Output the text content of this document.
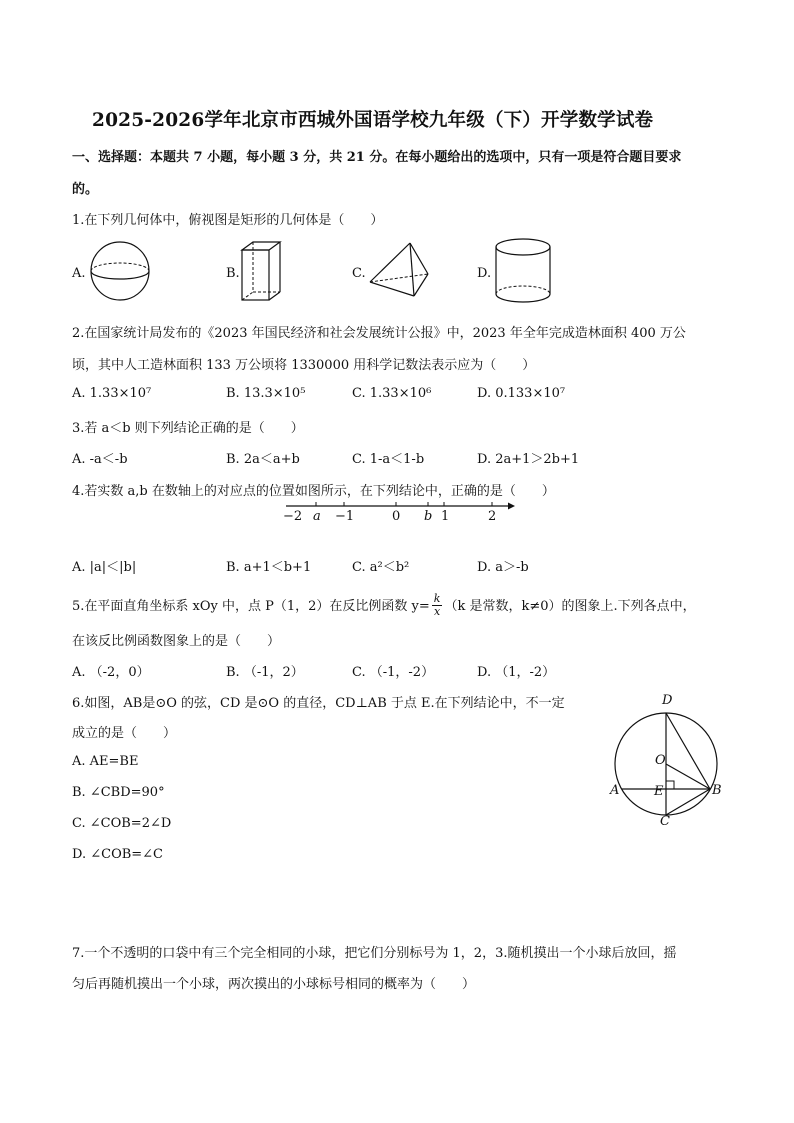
2025-2026学年北京市西城外国语学校九年级（下）开学数学试卷
一、选择题：本题共 7 小题，每小题 3 分，共 21 分。在每小题给出的选项中，只有一项是符合题目要求
的。
1.在下列几何体中，俯视图是矩形的几何体是（　　）
A.	B.	C.	D.
2.在国家统计局发布的《2023 年国民经济和社会发展统计公报》中，2023 年全年完成造林面积 400 万公
顷，其中人工造林面积 133 万公顷将 1330000 用科学记数法表示应为（　　）
A. 1.33×10⁷	B. 13.3×10⁵	C. 1.33×10⁶	D. 0.133×10⁷
3.若 a＜b 则下列结论正确的是（　　）
A. -a＜-b	B. 2a＜a+b	C. 1-a＜1-b	D. 2a+1＞2b+1
4.若实数 a,b 在数轴上的对应点的位置如图所示，在下列结论中，正确的是（　　）
−2 a −1	0 b 1	2
A. |a|＜|b|	B. a+1＜b+1	C. a²＜b²	D. a＞-b
5.在平面直角坐标系 xOy 中，点 P（1，2）在反比例函数 $y= \frac{k}{x} (k$ 是常数，k≠0）的图象上.下列各点中，
在该反比例函数图象上的是（　　）
A. （-2，0）	B. （-1，2）	C. （-1，-2）	D. （1，-2）
6.如图，AB是⊙O 的弦，CD 是⊙O 的直径，CD⊥AB 于点 E.在下列结论中，不一定
成立的是（　　）
A. AE=BE
B. ∠CBD=90°
C. ∠COB=2∠D
D. ∠COB=∠C
D
O
A	E	B
C
7.一个不透明的口袋中有三个完全相同的小球，把它们分别标号为 1，2，3.随机摸出一个小球后放回，摇
匀后再随机摸出一个小球，两次摸出的小球标号相同的概率为（　　）
